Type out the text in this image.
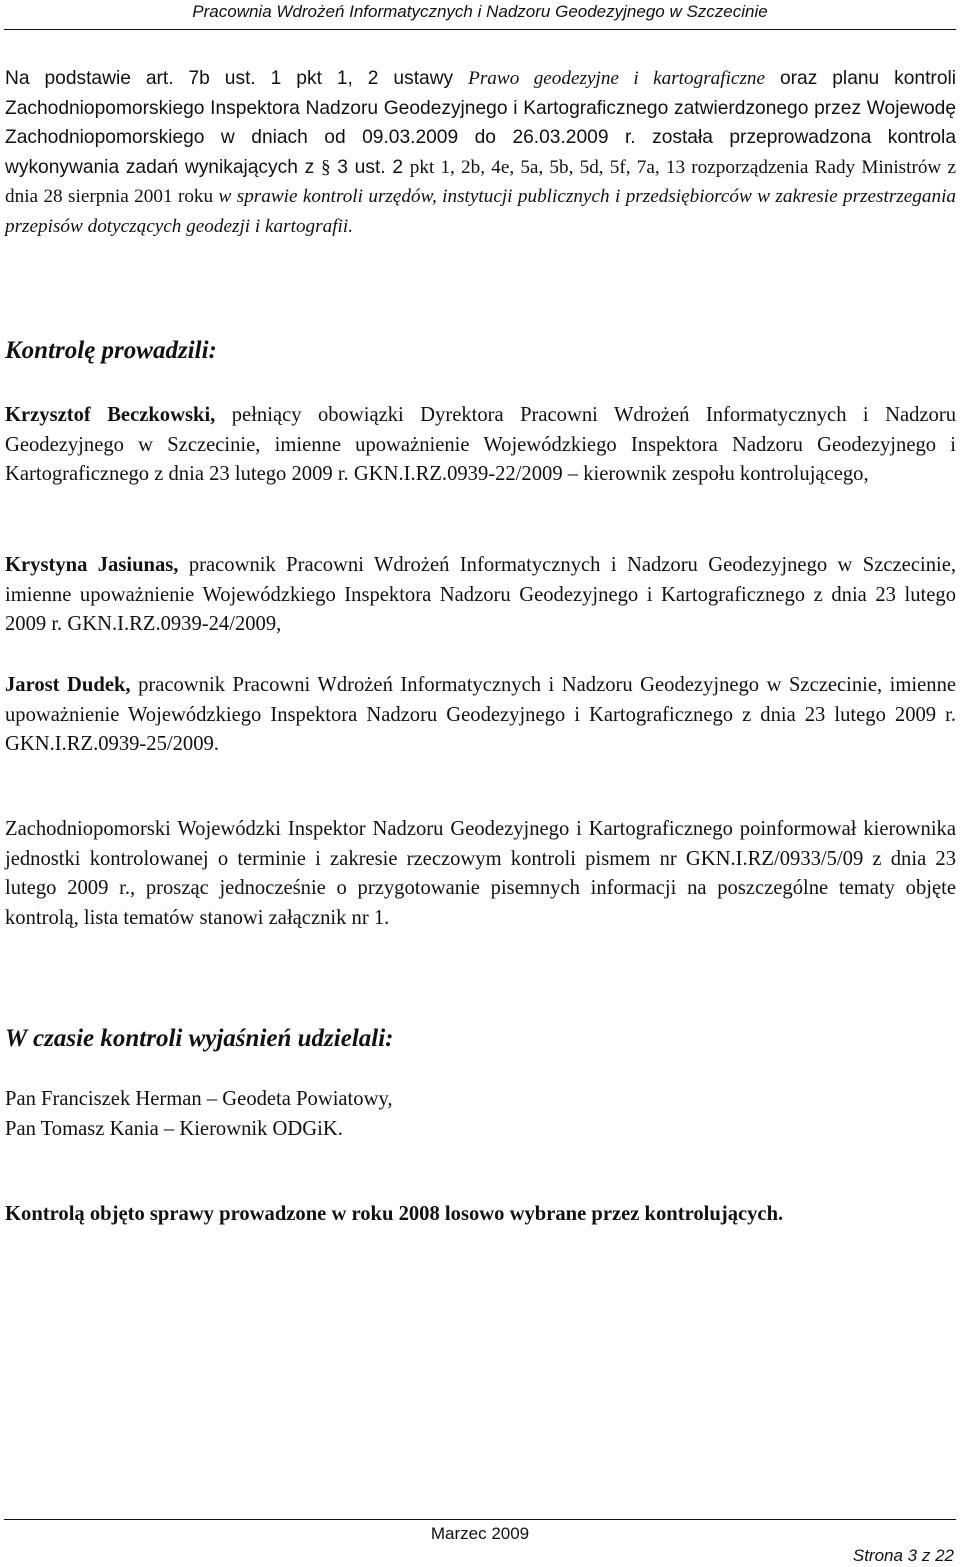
Pracownia Wdrożeń Informatycznych i Nadzoru Geodezyjnego w Szczecinie

Na podstawie art. 7b ust. 1 pkt 1, 2 ustawy Prawo geodezyjne i kartograficzne oraz planu kontroli Zachodniopomorskiego Inspektora Nadzoru Geodezyjnego i Kartograficznego zatwierdzonego przez Wojewodę Zachodniopomorskiego w dniach od 09.03.2009 do 26.03.2009 r. została przeprowadzona kontrola wykonywania zadań wynikających z § 3 ust. 2 pkt 1, 2b, 4e, 5a, 5b, 5d, 5f, 7a, 13 rozporządzenia Rady Ministrów z dnia 28 sierpnia 2001 roku w sprawie kontroli urzędów, instytucji publicznych i przedsiębiorców w zakresie przestrzegania przepisów dotyczących geodezji i kartografii.

Kontrolę prowadzili:

Krzysztof Beczkowski, pełniący obowiązki Dyrektora Pracowni Wdrożeń Informatycznych i Nadzoru Geodezyjnego w Szczecinie, imienne upoważnienie Wojewódzkiego Inspektora Nadzoru Geodezyjnego i Kartograficznego z dnia 23 lutego 2009 r. GKN.I.RZ.0939-22/2009 – kierownik zespołu kontrolującego,

Krystyna Jasiunas, pracownik Pracowni Wdrożeń Informatycznych i Nadzoru Geodezyjnego w Szczecinie, imienne upoważnienie Wojewódzkiego Inspektora Nadzoru Geodezyjnego i Kartograficznego z dnia 23 lutego 2009 r. GKN.I.RZ.0939-24/2009,

Jarost Dudek, pracownik Pracowni Wdrożeń Informatycznych i Nadzoru Geodezyjnego w Szczecinie, imienne upoważnienie Wojewódzkiego Inspektora Nadzoru Geodezyjnego i Kartograficznego z dnia 23 lutego 2009 r. GKN.I.RZ.0939-25/2009.

Zachodniopomorski Wojewódzki Inspektor Nadzoru Geodezyjnego i Kartograficznego poinformował kierownika jednostki kontrolowanej o terminie i zakresie rzeczowym kontroli pismem nr GKN.I.RZ/0933/5/09 z dnia 23 lutego 2009 r., prosząc jednocześnie o przygotowanie pisemnych informacji na poszczególne tematy objęte kontrolą, lista tematów stanowi załącznik nr 1.

W czasie kontroli wyjaśnień udzielali:
Pan Franciszek Herman – Geodeta Powiatowy,
Pan Tomasz Kania – Kierownik ODGiK.

Kontrolą objęto sprawy prowadzone w roku 2008 losowo wybrane przez kontrolujących.

Marzec 2009
Strona 3 z 22
